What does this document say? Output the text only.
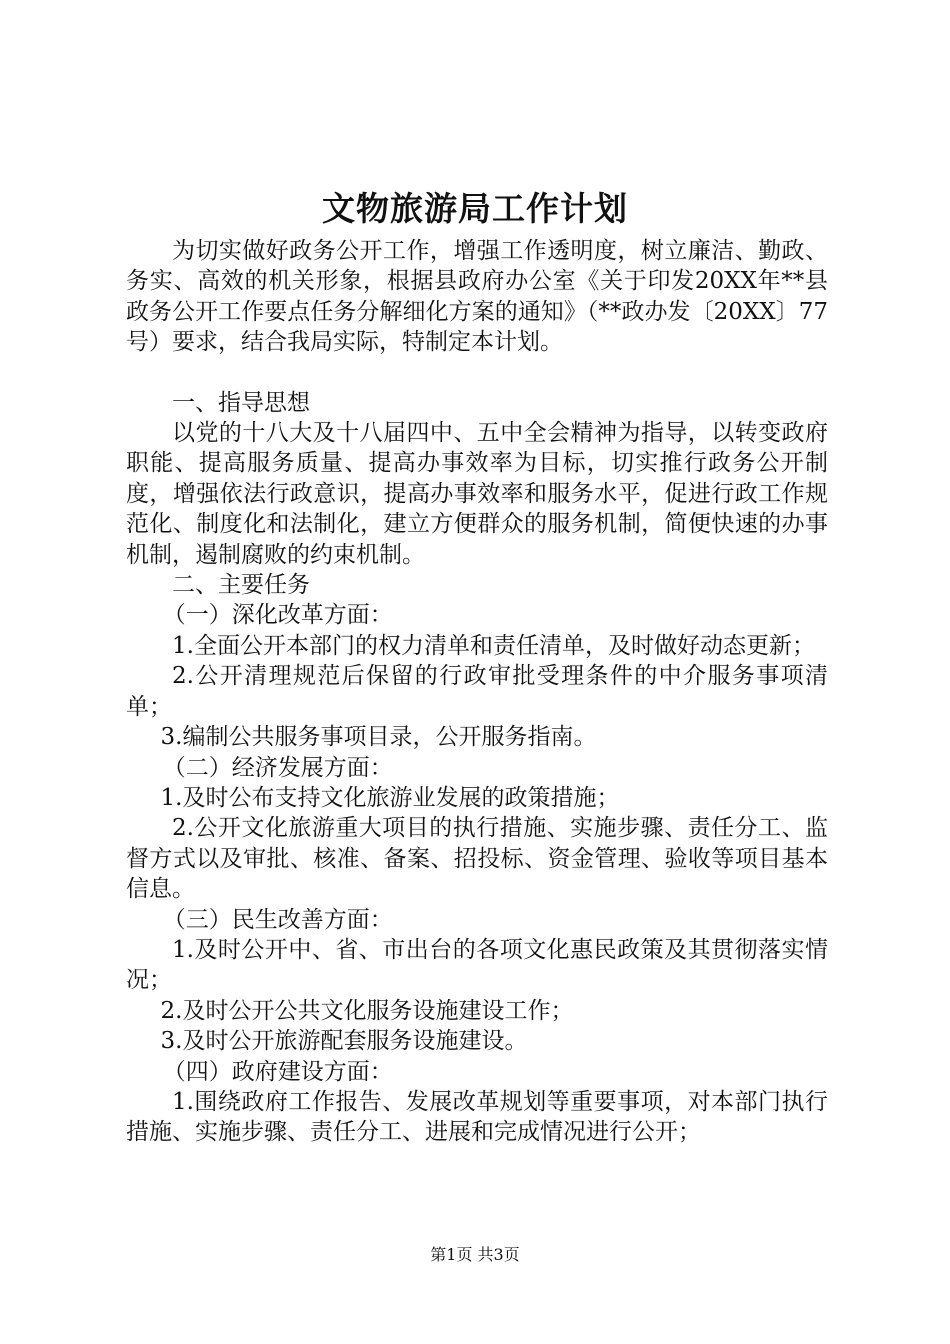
文物旅游局工作计划

为切实做好政务公开工作，增强工作透明度，树立廉洁、勤政、务实、高效的机关形象，根据县政府办公室《关于印发20XX年**县政务公开工作要点任务分解细化方案的通知》（**政办发〔20XX〕77号）要求，结合我局实际，特制定本计划。

一、指导思想

以党的十八大及十八届四中、五中全会精神为指导，以转变政府职能、提高服务质量、提高办事效率为目标，切实推行政务公开制度，增强依法行政意识，提高办事效率和服务水平，促进行政工作规范化、制度化和法制化，建立方便群众的服务机制，简便快速的办事机制，遏制腐败的约束机制。

二、主要任务

（一）深化改革方面：

1.全面公开本部门的权力清单和责任清单，及时做好动态更新；

2.公开清理规范后保留的行政审批受理条件的中介服务事项清单；

3.编制公共服务事项目录，公开服务指南。

（二）经济发展方面：

1.及时公布支持文化旅游业发展的政策措施；

2.公开文化旅游重大项目的执行措施、实施步骤、责任分工、监督方式以及审批、核准、备案、招投标、资金管理、验收等项目基本信息。

（三）民生改善方面：

1.及时公开中、省、市出台的各项文化惠民政策及其贯彻落实情况；

2.及时公开公共文化服务设施建设工作；

3.及时公开旅游配套服务设施建设。

（四）政府建设方面：

1.围绕政府工作报告、发展改革规划等重要事项，对本部门执行措施、实施步骤、责任分工、进展和完成情况进行公开；

第1页 共3页
